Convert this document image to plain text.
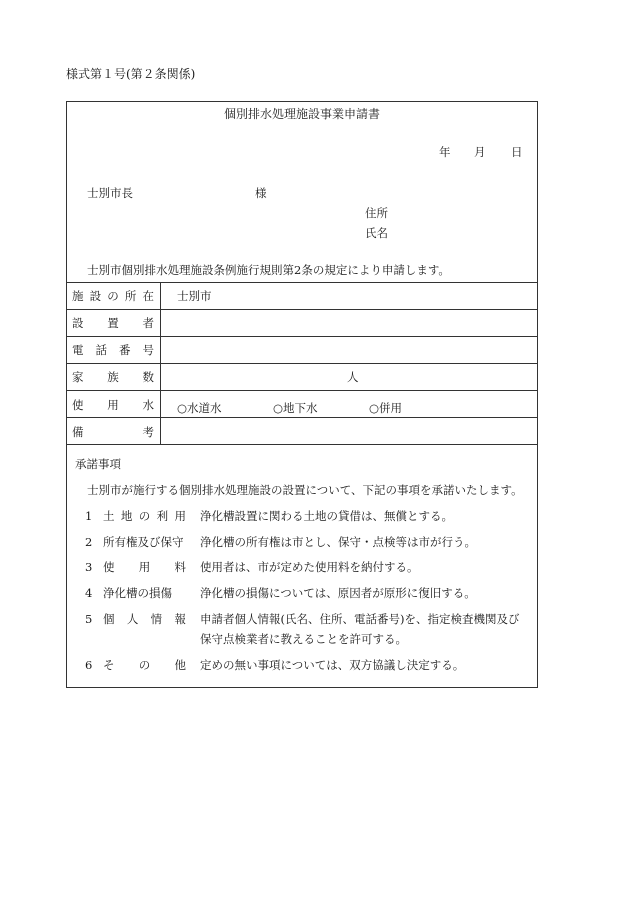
様式第１号(第２条関係)
個別排水処理施設事業申請書
年 月 日
士別市長	様
住所
氏名
士別市個別排水処理施設条例施行規則第2条の規定により申請します。
施 設 の 所 在 士別市
設 置 者
電 話 番 号
家 族 数	人
使 用 水 ○水道水	○地下水	○併用
備	考
承諾事項
士別市が施行する個別排水処理施設の設置について、下記の事項を承諾いたします。
1 土 地 の 利 用 浄化槽設置に関わる土地の貸借は、無償とする。
2 所有権及び保守 浄化槽の所有権は市とし、保守・点検等は市が行う。
3 使 用 料 使用者は、市が定めた使用料を納付する。
4 浄化槽の損傷 浄化槽の損傷については、原因者が原形に復旧する。
5 個 人 情 報 申請者個人情報(氏名、住所、電話番号)を、指定検査機関及び
保守点検業者に教えることを許可する。
6 そ の 他 定めの無い事項については、双方協議し決定する。
